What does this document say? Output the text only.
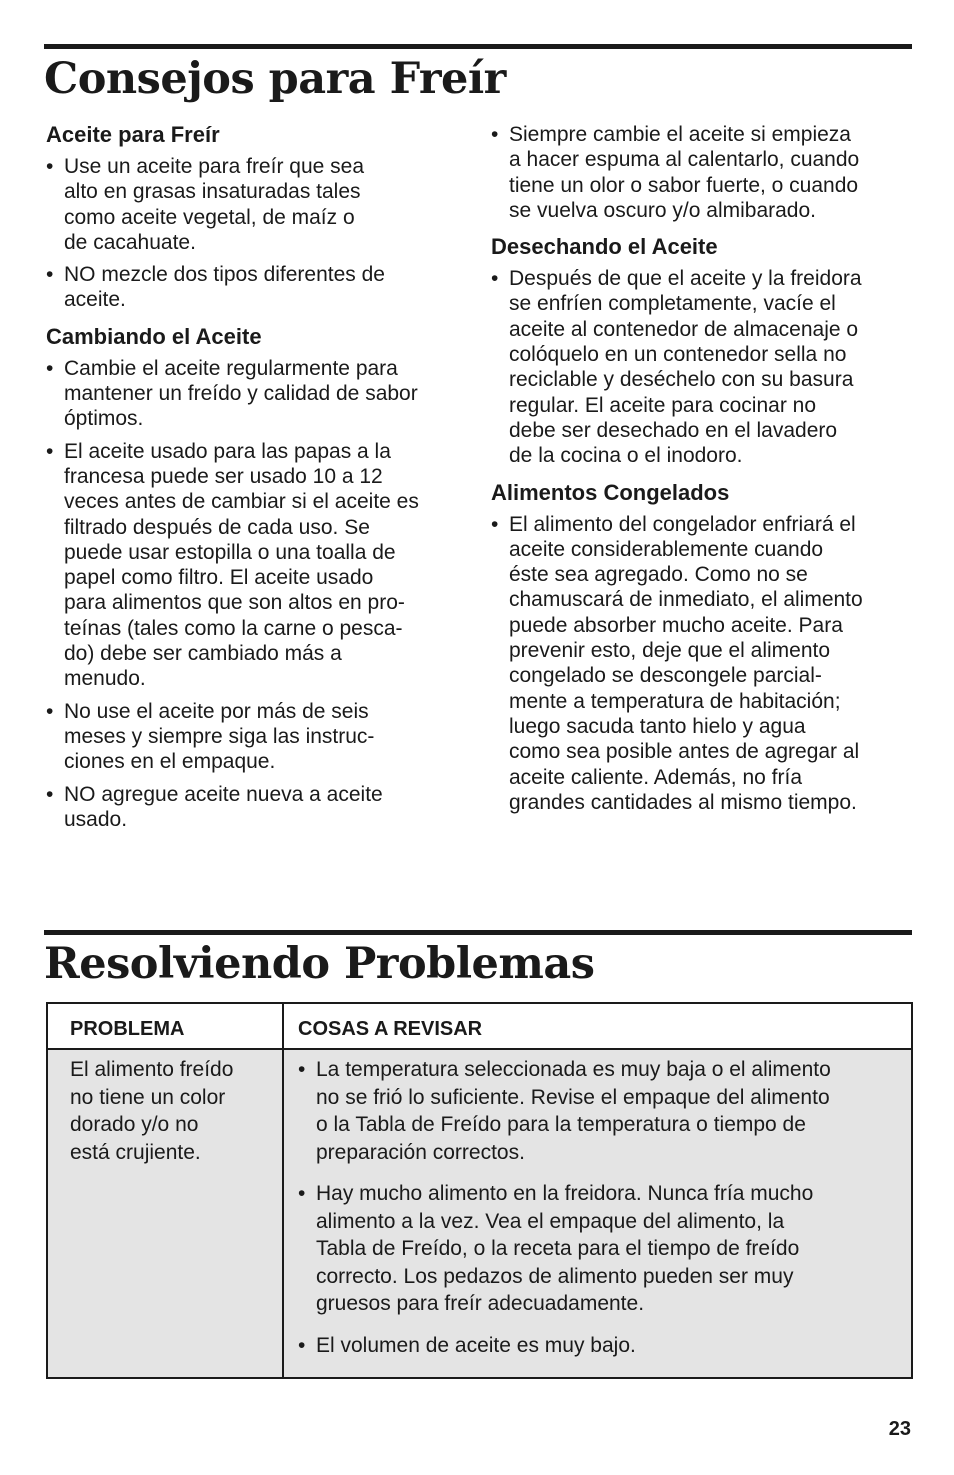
Consejos para Freír
Aceite para Freír
• Use un aceite para freír que sea
alto en grasas insaturadas tales
como aceite vegetal, de maíz o
de cacahuate.
• NO mezcle dos tipos diferentes de
aceite.
Cambiando el Aceite
• Cambie el aceite regularmente para
mantener un freído y calidad de sabor
óptimos.
• El aceite usado para las papas a la
francesa puede ser usado 10 a 12
veces antes de cambiar si el aceite es
filtrado después de cada uso. Se
puede usar estopilla o una toalla de
papel como filtro. El aceite usado
para alimentos que son altos en pro-
teínas (tales como la carne o pesca-
do) debe ser cambiado más a
menudo.
• No use el aceite por más de seis
meses y siempre siga las instruc-
ciones en el empaque.
• NO agregue aceite nueva a aceite
usado.
• Siempre cambie el aceite si empieza
a hacer espuma al calentarlo, cuando
tiene un olor o sabor fuerte, o cuando
se vuelva oscuro y/o almibarado.
Desechando el Aceite
• Después de que el aceite y la freidora
se enfríen completamente, vacíe el
aceite al contenedor de almacenaje o
colóquelo en un contenedor sella no
reciclable y deséchelo con su basura
regular. El aceite para cocinar no
debe ser desechado en el lavadero
de la cocina o el inodoro.
Alimentos Congelados
• El alimento del congelador enfriará el
aceite considerablemente cuando
éste sea agregado. Como no se
chamuscará de inmediato, el alimento
puede absorber mucho aceite. Para
prevenir esto, deje que el alimento
congelado se descongele parcial-
mente a temperatura de habitación;
luego sacuda tanto hielo y agua
como sea posible antes de agregar al
aceite caliente. Además, no fría
grandes cantidades al mismo tiempo.
Resolviendo Problemas
PROBLEMA	COSAS A REVISAR
El alimento freído
no tiene un color
dorado y/o no
está crujiente.
• La temperatura seleccionada es muy baja o el alimento
no se frió lo suficiente. Revise el empaque del alimento
o la Tabla de Freído para la temperatura o tiempo de
preparación correctos.
• Hay mucho alimento en la freidora. Nunca fría mucho
alimento a la vez. Vea el empaque del alimento, la
Tabla de Freído, o la receta para el tiempo de freído
correcto. Los pedazos de alimento pueden ser muy
gruesos para freír adecuadamente.
• El volumen de aceite es muy bajo.
23
